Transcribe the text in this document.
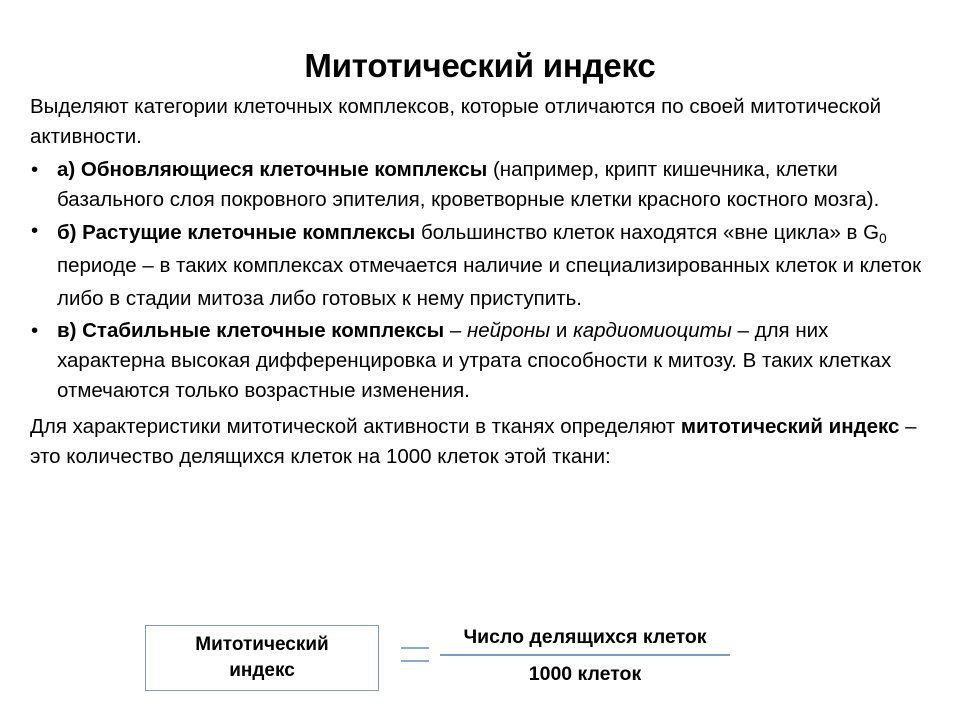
Митотический индекс

Выделяют категории клеточных комплексов, которые отличаются по своей митотической активности.

• а) Обновляющиеся клеточные комплексы (например, крипт кишечника, клетки базального слоя покровного эпителия, кроветворные клетки красного костного мозга).
• б) Растущие клеточные комплексы большинство клеток находятся «вне цикла» в $G_0$ периоде – в таких комплексах отмечается наличие и специализированных клеток и клеток либо в стадии митоза либо готовых к нему приступить.
• в) Стабильные клеточные комплексы – нейроны и кардиомиоциты – для них характерна высокая дифференцировка и утрата способности к митозу. В таких клетках отмечаются только возрастные изменения.

Для характеристики митотической активности в тканях определяют митотический индекс – это количество делящихся клеток на 1000 клеток этой ткани:

Митотический
индекс
Число делящихся клеток
1000 клеток
